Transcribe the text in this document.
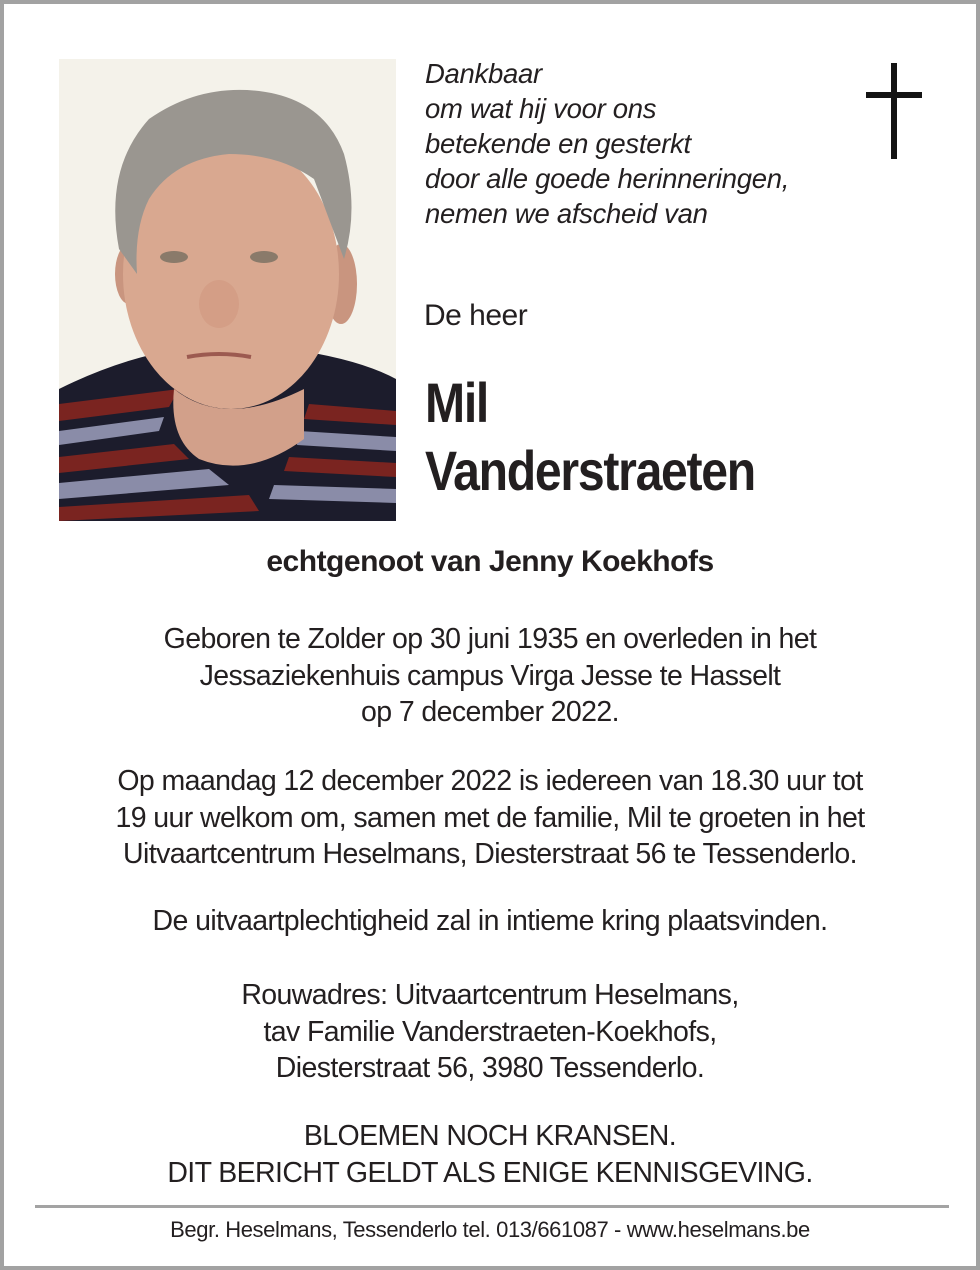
Dankbaar
om wat hij voor ons
betekende en gesterkt
door alle goede herinneringen,
nemen we afscheid van
De heer
Mil
Vanderstraeten
echtgenoot van Jenny Koekhofs
Geboren te Zolder op 30 juni 1935 en overleden in het
Jessaziekenhuis campus Virga Jesse te Hasselt
op 7 december 2022.
Op maandag 12 december 2022 is iedereen van 18.30 uur tot
19 uur welkom om, samen met de familie, Mil te groeten in het
Uitvaartcentrum Heselmans, Diesterstraat 56 te Tessenderlo.
De uitvaartplechtigheid zal in intieme kring plaatsvinden.
Rouwadres: Uitvaartcentrum Heselmans,
tav Familie Vanderstraeten-Koekhofs,
Diesterstraat 56, 3980 Tessenderlo.
BLOEMEN NOCH KRANSEN.
DIT BERICHT GELDT ALS ENIGE KENNISGEVING.
Begr. Heselmans, Tessenderlo tel. 013/661087 - www.heselmans.be
